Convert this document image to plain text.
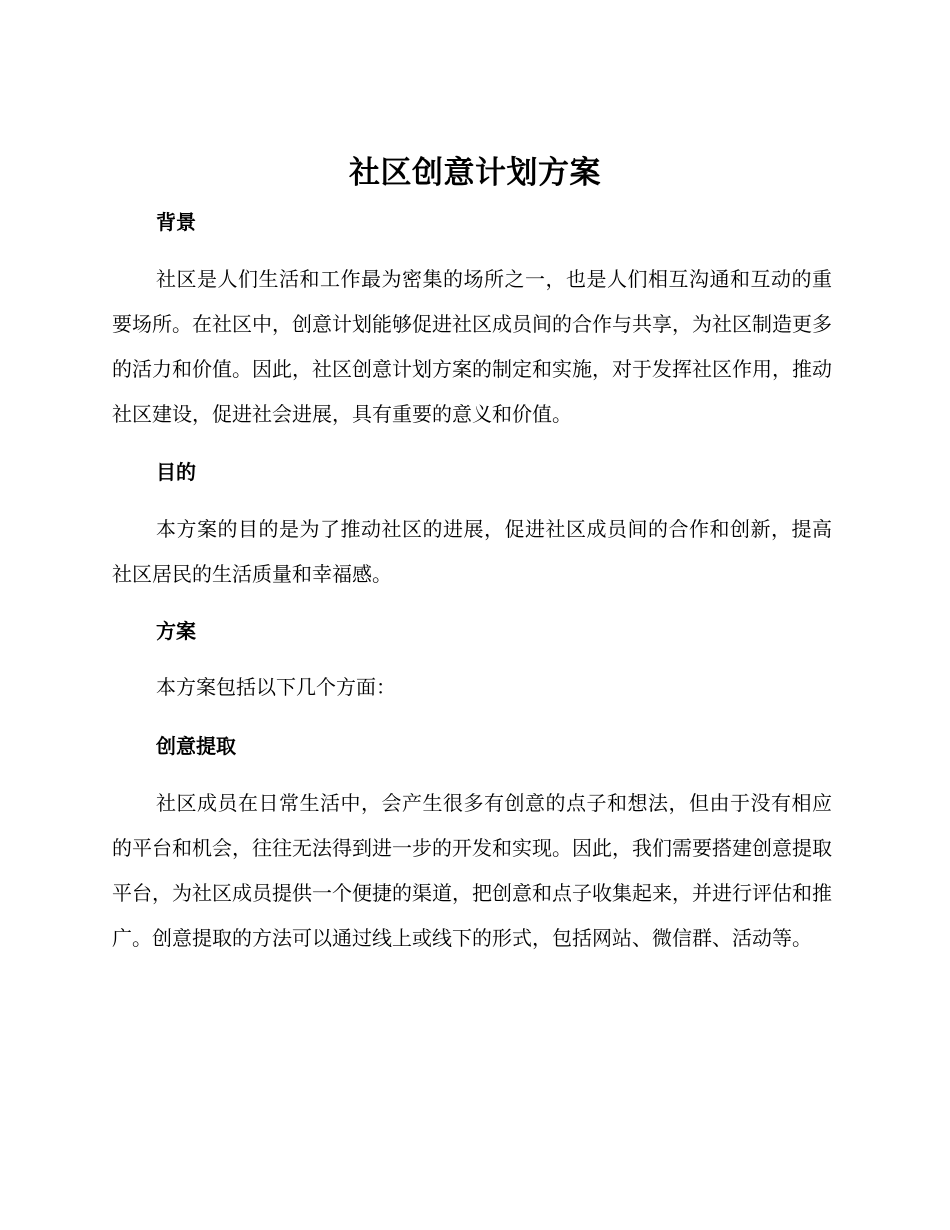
社区创意计划方案
背景
社区是人们生活和工作最为密集的场所之一，也是人们相互沟通和互动的重要场所。在社区中，创意计划能够促进社区成员间的合作与共享，为社区制造更多的活力和价值。因此，社区创意计划方案的制定和实施，对于发挥社区作用，推动社区建设，促进社会进展，具有重要的意义和价值。
目的
本方案的目的是为了推动社区的进展，促进社区成员间的合作和创新，提高社区居民的生活质量和幸福感。
方案
本方案包括以下几个方面：
创意提取
社区成员在日常生活中，会产生很多有创意的点子和想法，但由于没有相应的平台和机会，往往无法得到进一步的开发和实现。因此，我们需要搭建创意提取平台，为社区成员提供一个便捷的渠道，把创意和点子收集起来，并进行评估和推广。创意提取的方法可以通过线上或线下的形式，包括网站、微信群、活动等。
